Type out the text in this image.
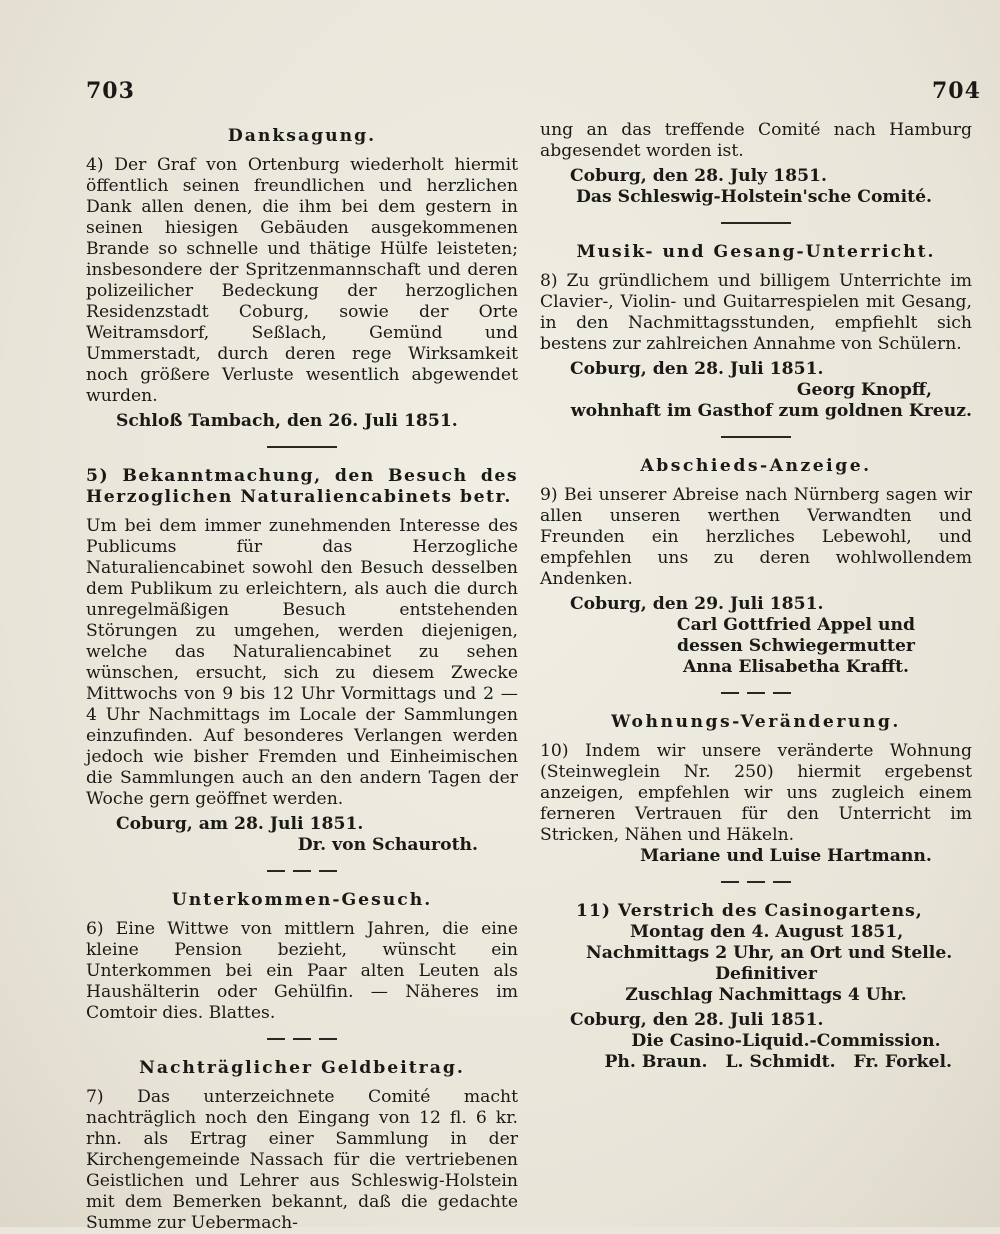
703	704
Danksagung.
4) Der Graf von Ortenburg wiederholt hiermit öffentlich seinen freundlichen und herzlichen Dank allen denen, die ihm bei dem gestern in seinen hiesigen Gebäuden ausgekommenen Brande so schnelle und thätige Hülfe leisteten; insbesondere der Spritzenmannschaft und deren polizeilicher Bedeckung der herzoglichen Residenzstadt Coburg, sowie der Orte Weitramsdorf, Seßlach, Gemünd und Ummerstadt, durch deren rege Wirksamkeit noch größere Verluste wesentlich abgewendet wurden.
Schloß Tambach, den 26. Juli 1851.
5) Bekanntmachung, den Besuch des Herzoglichen Naturaliencabinets betr.
Um bei dem immer zunehmenden Interesse des Publicums für das Herzogliche Naturaliencabinet sowohl den Besuch desselben dem Publikum zu erleichtern, als auch die durch unregelmäßigen Besuch entstehenden Störungen zu umgehen, werden diejenigen, welche das Naturaliencabinet zu sehen wünschen, ersucht, sich zu diesem Zwecke Mittwochs von 9 bis 12 Uhr Vormittags und 2 — 4 Uhr Nachmittags im Locale der Sammlungen einzufinden. Auf besonderes Verlangen werden jedoch wie bisher Fremden und Einheimischen die Sammlungen auch an den andern Tagen der Woche gern geöffnet werden.
Coburg, am 28. Juli 1851.
Dr. von Schauroth.
Unterkommen-Gesuch.
6) Eine Wittwe von mittlern Jahren, die eine kleine Pension bezieht, wünscht ein Unterkommen bei ein Paar alten Leuten als Haushälterin oder Gehülfin. — Näheres im Comtoir dies. Blattes.
Nachträglicher Geldbeitrag.
7) Das unterzeichnete Comité macht nachträglich noch den Eingang von 12 fl. 6 kr. rhn. als Ertrag einer Sammlung in der Kirchengemeinde Nassach für die vertriebenen Geistlichen und Lehrer aus Schleswig-Holstein mit dem Bemerken bekannt, daß die gedachte Summe zur Uebermach-
ung an das treffende Comité nach Hamburg abgesendet worden ist.
Coburg, den 28. July 1851.
Das Schleswig-Holstein'sche Comité.
Musik- und Gesang-Unterricht.
8) Zu gründlichem und billigem Unterrichte im Clavier-, Violin- und Guitarrespielen mit Gesang, in den Nachmittagsstunden, empfiehlt sich bestens zur zahlreichen Annahme von Schülern.
Coburg, den 28. Juli 1851.
Georg Knopff,
wohnhaft im Gasthof zum goldnen Kreuz.
Abschieds-Anzeige.
9) Bei unserer Abreise nach Nürnberg sagen wir allen unseren werthen Verwandten und Freunden ein herzliches Lebewohl, und empfehlen uns zu deren wohlwollendem Andenken.
Coburg, den 29. Juli 1851.
Carl Gottfried Appel und
dessen Schwiegermutter
Anna Elisabetha Krafft.
Wohnungs-Veränderung.
10) Indem wir unsere veränderte Wohnung (Steinweglein Nr. 250) hiermit ergebenst anzeigen, empfehlen wir uns zugleich einem ferneren Vertrauen für den Unterricht im Stricken, Nähen und Häkeln.
Mariane und Luise Hartmann.
11) Verstrich des Casinogartens,
Montag den 4. August 1851,
Nachmittags 2 Uhr, an Ort und Stelle.
Definitiver
Zuschlag Nachmittags 4 Uhr.
Coburg, den 28. Juli 1851.
Die Casino-Liquid.-Commission.
Ph. Braun.   L. Schmidt.   Fr. Forkel.
